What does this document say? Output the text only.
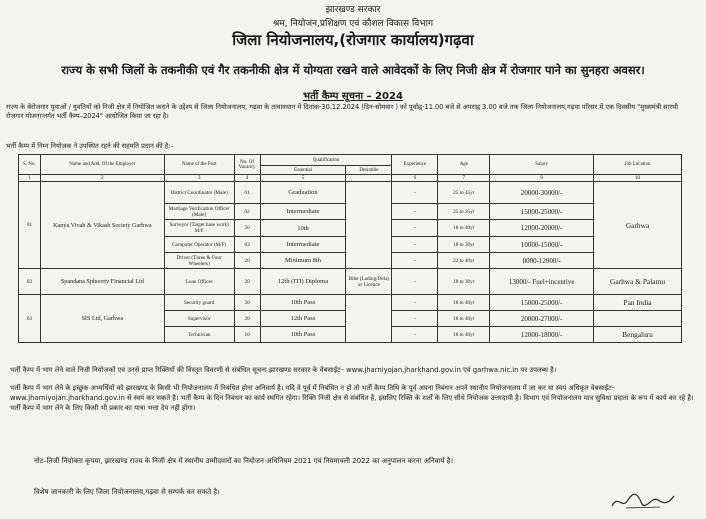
झारखण्ड सरकार
श्रम, नियोजन,प्रशिक्षण एवं कौशल विकास विभाग
जिला नियोजनालय,(रोजगार कार्यालय)गढ़वा
राज्य के सभी जिलों के तकनीकी एवं गैर तकनीकी क्षेत्र में योग्यता रखने वाले आवेदकों के लिए निजी क्षेत्र में रोजगार पाने का सुनहरा अवसर।
भर्ती कैम्प सूचना – 2024
राज्य के बेरोजगार युवाओं / युवतियों को निजी क्षेत्र में नियोजित कराने के उद्देश्य से जिला नियोजनालय, गढ़वा के तत्वावधान में दिनांक-30.12.2024 (दिन-सोमवार ) को पूर्वाह्न-11.00 बजे से अपराह्न 3.00 बजे तक जिला नियोजनालय,गढ़वा परिसर में एक दिवसीय "मुख्यमंत्री सारथी रोजगार योजनान्तर्गत भर्ती कैम्प–2024" आयोजित किया जा रहा है।
भर्ती कैम्प में निम्न नियोजक ने उपस्थित रहने की सहमति प्रदान की है:–
S. No.	Name and Add. Of the Employer	Name of the Post	No. Of Vacancy	Qualification		Experience	Age	Salary	Job Location
				Essential	Desirable				
1	2	3	4	5		6	7	8	10
01	Kanya Vivah & Vikash Society Garhwa	District Coordinator (Male)	01	Graduation		-	25 to 45yr	20000-30000/-	Garhwa
		Marriage Verification Officer (Male)	02	Intermediate		-	25 to 35yr	15000-25000/-	
		Surveyor (Target base work) M/F	50	10th		-	18 to 40yr	12000-20000/-	
		Computer Operator (M/F)	03	Intermediate		-	18 to 30yr	10000-15000/-	
		Driver (Three & Four Wheelers)	20	Minimum 8th		-	22 to 40yr	8000-12000/-	
02	Spandana Sphoorty Financial Ltd	Loan Officer	20	12th (ITI) Diploma	Bike (Lading/Dela) or Licence	-	18 to 30yr	13000/- Fuel+incentive	Garhwa & Palamu
03	SIS Ltd, Garhwa	Security guard	50	10th Pass		-	18 to 40yr	15000-25000/-	Pan India
		Supervisor	20	12th Pass		-	18 to 40yr	20000-27000/-	
		Technician	10	10th Pass		-	18 to 40yr	12000-18000/-	Bengaluru
भर्ती कैम्प में भाग लेने वाले निजी नियोजकों एवं उनसे प्राप्त रिक्तियों की विस्तृत विवरणी से संबंधित सूचना झारखण्ड सरकार के वेबसाईट– www.jharniyojan.jharkhand.gov.in एवं garhwa.nic.in पर उपलब्ध है।
भर्ती कैम्प में भाग लेने के इच्छुक अभ्यर्थियों को झारखण्ड के किसी भी नियोजनालय में निबंधित होना अनिवार्य है। यदि वे पूर्व में निबंधित न हो तो भर्ती कैम्प तिथि के पूर्व अपना निबंधन अपने स्थानीय नियोजनालय में जा कर या स्वयं अधिकृत वेबसाईट–www.jharniyojan.jharkhand.gov.in से स्वयं कर सकते है। भर्ती कैम्प के दिन निबंधन का कार्य स्थगित रहेगा। रिक्ति निजी क्षेत्र से संबंधित है, इसलिए रिक्ति के शर्तों के लिए सीधे नियोजक उत्तरदायी है। विभाग एवं नियोजनालय मात्र सुविधा प्रदाता के रूप में कार्य कर रहे है। भर्ती कैम्प में भाग लेने के लिए किसी भी प्रकार का यात्रा भत्ता देय नहीं होगा।
नोट–निजी नियोक्ता कृपया, झारखण्ड राज्य के निजी क्षेत्र में स्थानीय उम्मीदवारों का नियोजन अधिनियम 2021 एवं नियमावली 2022 का अनुपालन करना अनिवार्य है।
विशेष जानकारी के लिए जिला नियोजनालय,गढ़वा से सम्पर्क कर सकते है।
